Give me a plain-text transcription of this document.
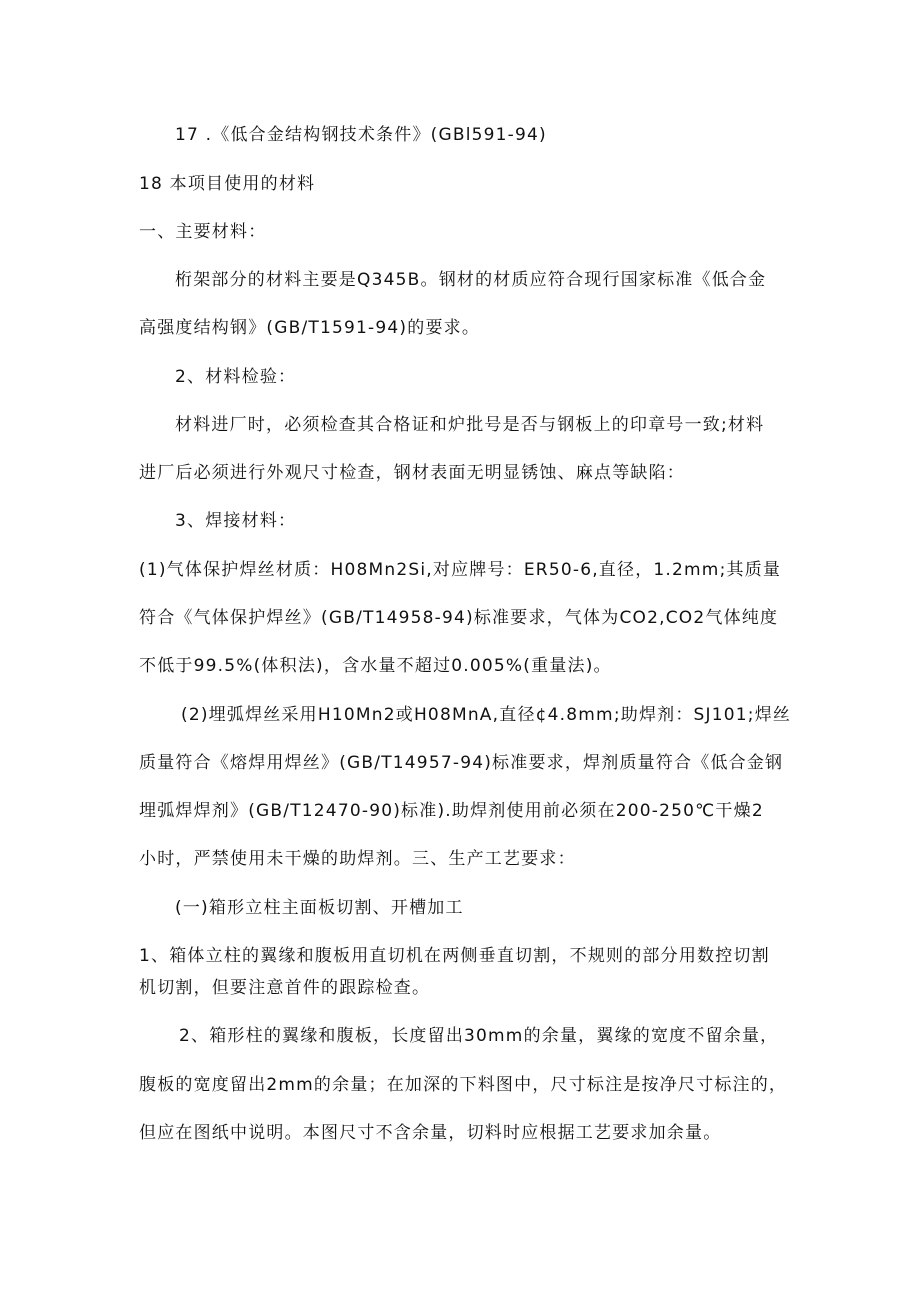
17 .《低合金结构钢技术条件》(GBl591-94)
18 本项目使用的材料
一、主要材料：
桁架部分的材料主要是Q345B。钢材的材质应符合现行国家标准《低合金
高强度结构钢》(GB/T1591-94)的要求。
2、材料检验：
材料进厂时，必须检查其合格证和炉批号是否与钢板上的印章号一致;材料
进厂后必须进行外观尺寸检查，钢材表面无明显锈蚀、麻点等缺陷：
3、焊接材料：
(1)气体保护焊丝材质：H08Mn2Si,对应牌号：ER50-6,直径，1.2mm;其质量
符合《气体保护焊丝》(GB/T14958-94)标准要求，气体为CO2,CO2气体纯度
不低于99.5%(体积法)，含水量不超过0.005%(重量法)。
(2)埋弧焊丝采用H10Mn2或H08MnA,直径¢4.8mm;助焊剂：SJ101;焊丝
质量符合《熔焊用焊丝》(GB/T14957-94)标准要求，焊剂质量符合《低合金钢
埋弧焊焊剂》(GB/T12470-90)标准).助焊剂使用前必须在200-250℃干燥2
小时，严禁使用未干燥的助焊剂。三、生产工艺要求：
(一)箱形立柱主面板切割、开槽加工
1、箱体立柱的翼缘和腹板用直切机在两侧垂直切割，不规则的部分用数控切割
机切割，但要注意首件的跟踪检查。
2、箱形柱的翼缘和腹板，长度留出30mm的余量，翼缘的宽度不留余量，
腹板的宽度留出2mm的余量；在加深的下料图中，尺寸标注是按净尺寸标注的，
但应在图纸中说明。本图尺寸不含余量，切料时应根据工艺要求加余量。
